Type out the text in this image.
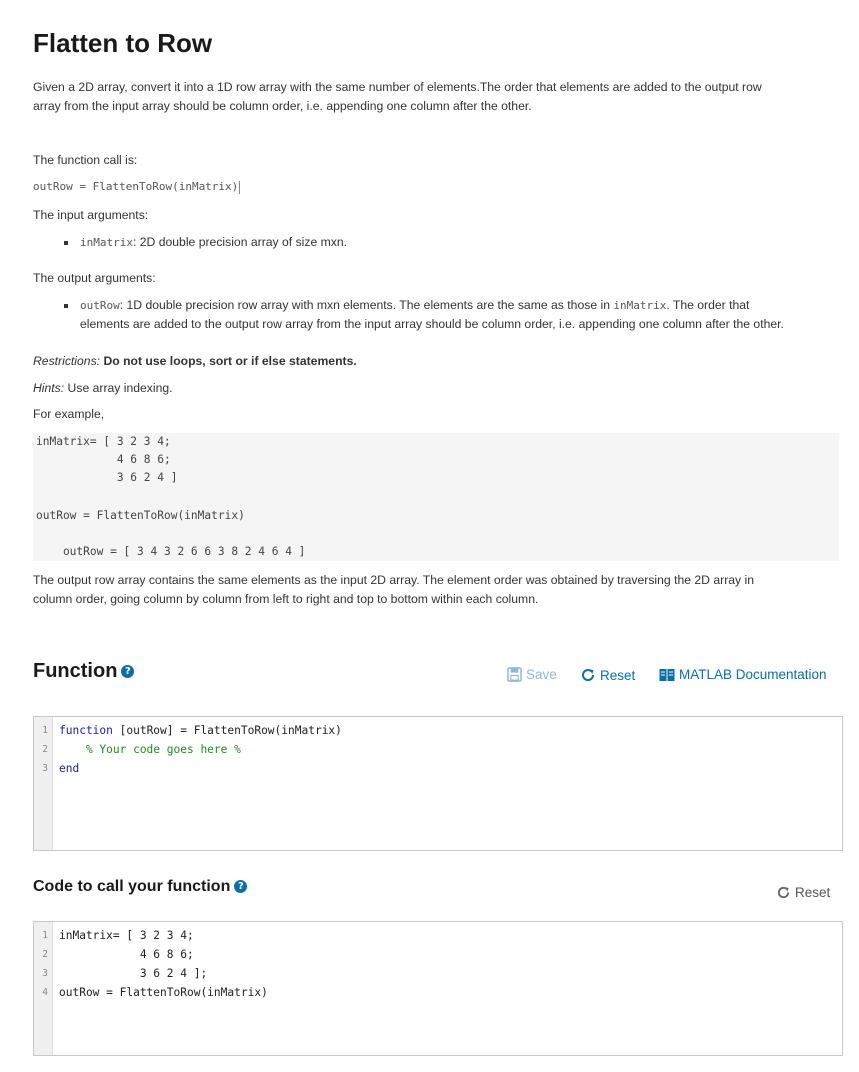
Flatten to Row

Given a 2D array, convert it into a 1D row array with the same number of elements.The order that elements are added to the output row
array from the input array should be column order, i.e. appending one column after the other.

The function call is:

outRow = FlattenToRow(inMatrix)

The input arguments:

inMatrix: 2D double precision array of size mxn.

The output arguments:

outRow: 1D double precision row array with mxn elements. The elements are the same as those in inMatrix. The order that
elements are added to the output row array from the input array should be column order, i.e. appending one column after the other.

Restrictions: Do not use loops, sort or if else statements.

Hints: Use array indexing.

For example,

inMatrix= [ 3 2 3 4;
4 6 8 6;
3 6 2 4 ]
outRow = FlattenToRow(inMatrix)
outRow = [ 3 4 3 2 6 6 3 8 2 4 6 4 ]

The output row array contains the same elements as the input 2D array. The element order was obtained by traversing the 2D array in
column order, going column by column from left to right and top to bottom within each column.

Function ?	Save	Reset	MATLAB Documentation
1
2
3
function [outRow] = FlattenToRow(inMatrix)
% Your code goes here %
end
Code to call your function ?	Reset
1
2
3
4
inMatrix= [ 3 2 3 4;
4 6 8 6;
3 6 2 4 ];
outRow = FlattenToRow(inMatrix)
